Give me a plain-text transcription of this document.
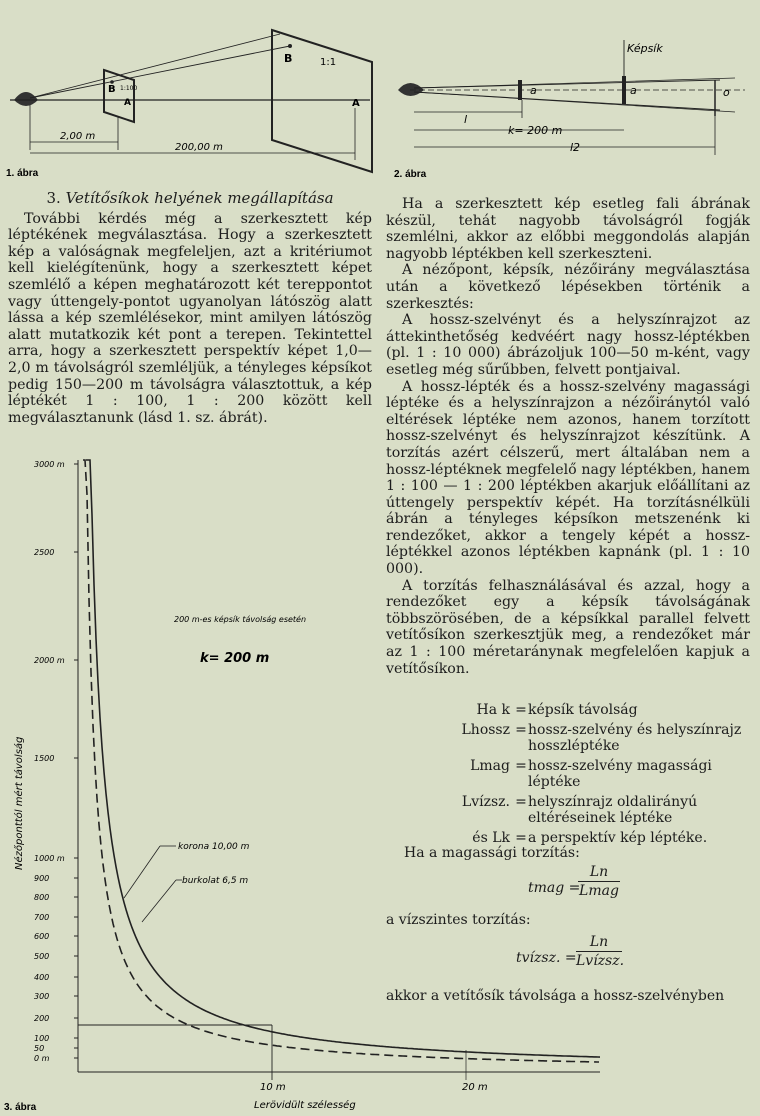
2,00 m
200,00 m
B
A
1:100
B	1:1
A
1. ábra
Képsík
a	a	o
l
k= 200 m
l2
2. ábra
3. Vetítősíkok helyének megállapítása

További kérdés még a szerkesztett kép léptékének megválasztása. Hogy a szerkesztett kép a valóságnak megfeleljen, azt a kritériumot kell kielégítenünk, hogy a szerkesztett képet szemlélő a képen meghatározott két tereppontot vagy úttengely-pontot ugyanolyan látószög alatt lássa a kép szemlélésekor, mint amilyen látószög alatt mutatkozik két pont a terepen. Tekintettel arra, hogy a szerkesztett perspektív képet 1,0—2,0 m távolságról szemléljük, a tényleges képsíkot pedig 150—200 m távolságra választottuk, a kép léptékét 1 : 100, 1 : 200 között kell megválasztanunk (lásd 1. sz. ábrát).

Ha a szerkesztett kép esetleg fali ábrának készül, tehát nagyobb távolságról fogják szemlélni, akkor az előbbi meggondolás alapján nagyobb léptékben kell szerkeszteni.

A nézőpont, képsík, nézőirány megválasztása után a következő lépésekben történik a szerkesztés:

A hossz-szelvényt és a helyszínrajzot az áttekinthetőség kedvéért nagy hossz-léptékben (pl. 1 : 10 000) ábrázoljuk 100—50 m-ként, vagy esetleg még sűrűbben, felvett pontjaival.

A hossz-lépték és a hossz-szelvény magassági léptéke és a helyszínrajzon a nézőiránytól való eltérések léptéke nem azonos, hanem torzított hossz-szelvényt és helyszínrajzot készítünk. A torzítás azért célszerű, mert általában nem a hossz-léptéknek megfelelő nagy léptékben, hanem 1 : 100 — 1 : 200 léptékben akarjuk előállítani az úttengely perspektív képét. Ha torzításnélküli ábrán a tényleges képsíkon metszenénk ki rendezőket, akkor a tengely képét a hossz-léptékkel azonos léptékben kapnánk (pl. 1 : 10 000).

A torzítás felhasználásával és azzal, hogy a rendezőket egy a képsík távolságának többszörösében, de a képsíkkal parallel felvett vetítősíkon szerkesztjük meg, a rendezőket már az 1 : 100 méretaránynak megfelelően kapjuk a vetítősíkon.

Ha k = képsík távolság
Lhossz = hossz-szelvény és helyszínrajz hosszléptéke
Lmag = hossz-szelvény magassági léptéke
Lvízsz. = helyszínrajz oldalirányú eltéréseinek léptéke
és Lk = a perspektív kép léptéke.
Ha a magassági torzítás:
tmag =
Ln
Lmag
a vízszintes torzítás:
tvízsz. =
Ln
Lvízsz.
akkor a vetítősík távolsága a hossz-szelvényben
3000 m
2500
2000 m
1500
1000 m
900
800
700
600
500
400
300
200
100
50
0 m
200 m-es képsík távolság esetén
k= 200 m
korona 10,00 m
burkolat 6,5 m
Nézőponttól mért távolság
Lerövidült szélesség
10 m	20 m
3. ábra
